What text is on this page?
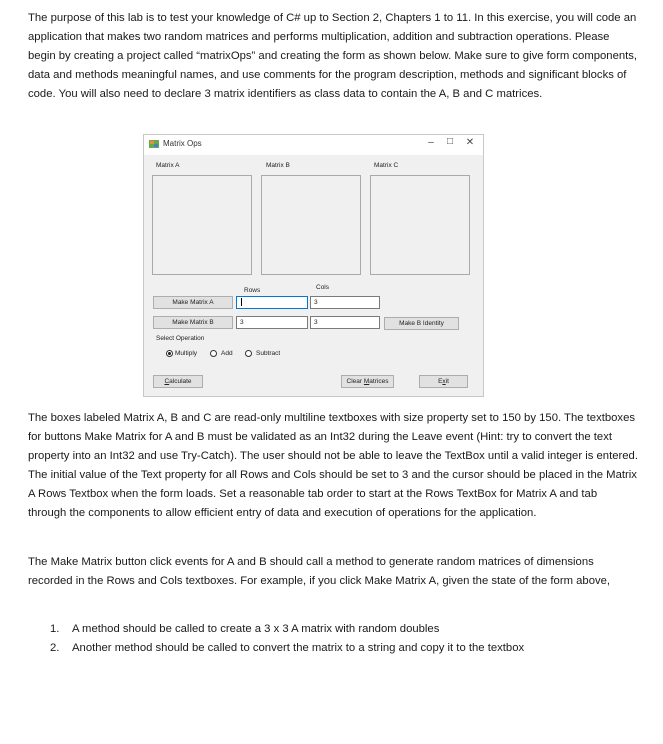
The purpose of this lab is to test your knowledge of C# up to Section 2, Chapters 1 to 11. In this exercise, you will code an application that makes two random matrices and performs multiplication, addition and subtraction operations. Please begin by creating a project called “matrixOps” and creating the form as shown below. Make sure to give form components, data and methods meaningful names, and use comments for the program description, methods and significant blocks of code. You will also need to declare 3 matrix identifiers as class data to contain the A, B and C matrices.

Matrix Ops	–	□	✕
Matrix A	Matrix B	Matrix C
Rows	Cols
Make Matrix A	3
Make Matrix B	3	3	Make B Identity
Select Operation
Multiply	Add	Subtract
Calculate	Clear Matrices	Exit

The boxes labeled Matrix A, B and C are read-only multiline textboxes with size property set to 150 by 150. The textboxes for buttons Make Matrix for A and B must be validated as an Int32 during the Leave event (Hint: try to convert the text property into an Int32 and use Try-Catch). The user should not be able to leave the TextBox until a valid integer is entered. The initial value of the Text property for all Rows and Cols should be set to 3 and the cursor should be placed in the Matrix A Rows Textbox when the form loads. Set a reasonable tab order to start at the Rows TextBox for Matrix A and tab through the components to allow efficient entry of data and execution of operations for the application.

The Make Matrix button click events for A and B should call a method to generate random matrices of dimensions recorded in the Rows and Cols textboxes. For example, if you click Make Matrix A, given the state of the form above,

1. A method should be called to create a 3 x 3 A matrix with random doubles
2. Another method should be called to convert the matrix to a string and copy it to the textbox
